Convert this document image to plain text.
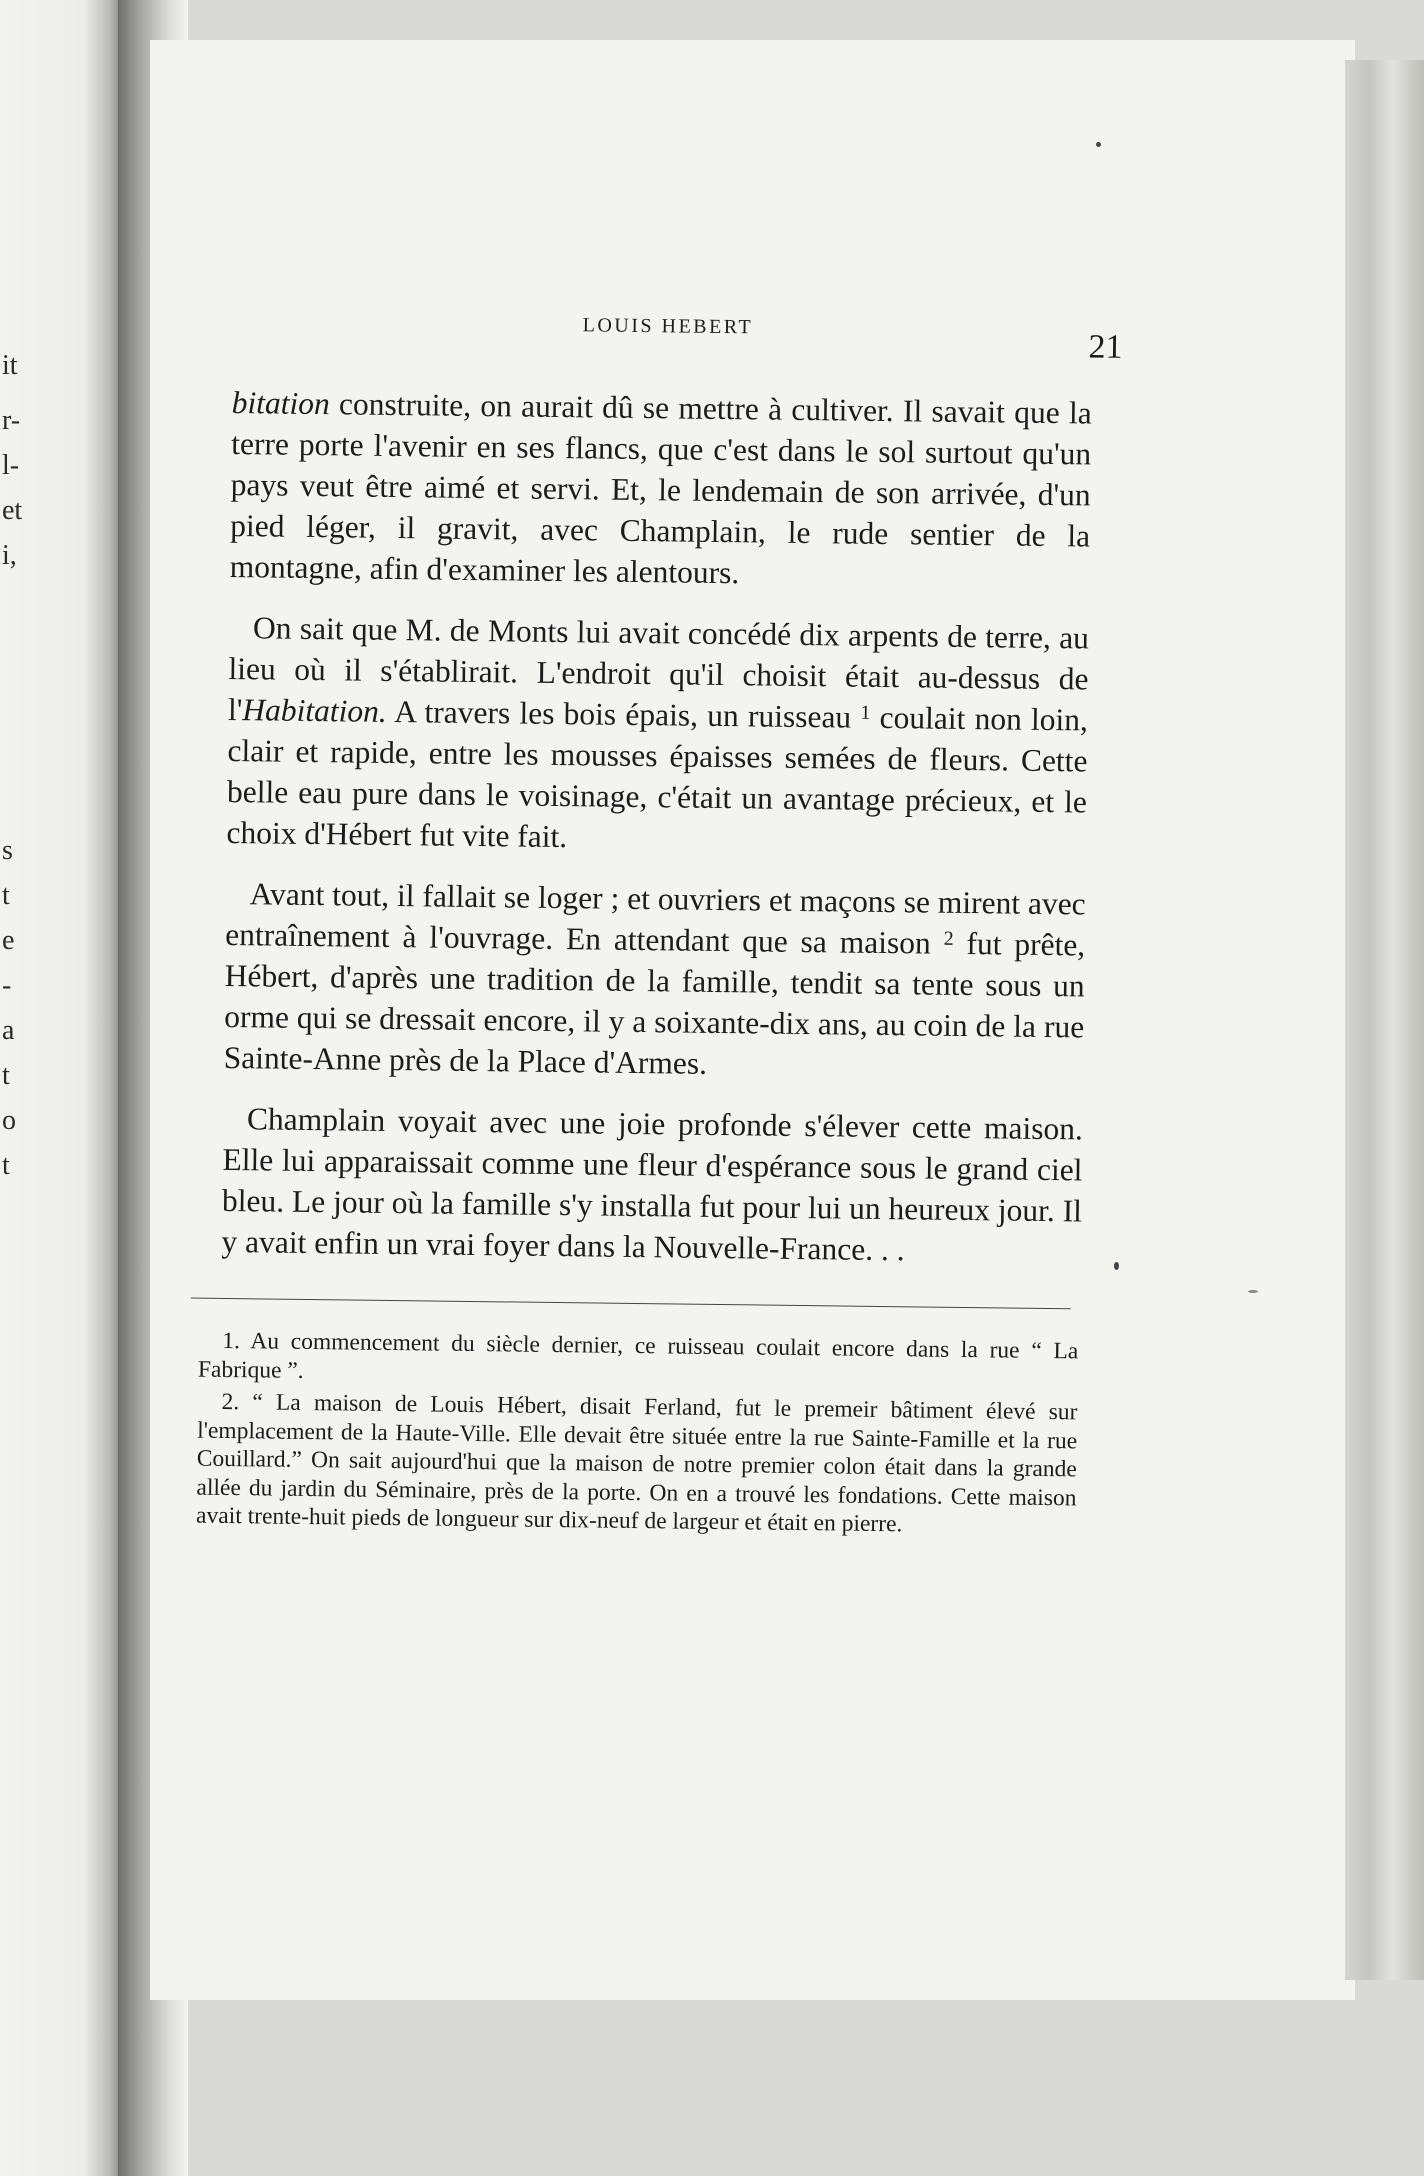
it
r-
l-
et
i,
s
t
e
-
a
t
o
t
LOUIS HEBERT
21

bitation construite, on aurait dû se mettre à cultiver. Il savait que la terre porte l'avenir en ses flancs, que c'est dans le sol surtout qu'un pays veut être aimé et servi. Et, le lendemain de son arrivée, d'un pied léger, il gravit, avec Champlain, le rude sentier de la montagne, afin d'examiner les alentours.

On sait que M. de Monts lui avait concédé dix arpents de terre, au lieu où il s'établirait. L'endroit qu'il choisit était au-dessus de l'Habitation. A travers les bois épais, un ruisseau $^1$ coulait non loin, clair et rapide, entre les mousses épaisses semées de fleurs. Cette belle eau pure dans le voisinage, c'était un avantage précieux, et le choix d'Hébert fut vite fait.

Avant tout, il fallait se loger ; et ouvriers et maçons se mirent avec entraînement à l'ouvrage. En attendant que sa maison $^2$ fut prête, Hébert, d'après une tradition de la famille, tendit sa tente sous un orme qui se dressait encore, il y a soixante-dix ans, au coin de la rue Sainte-Anne près de la Place d'Armes.

Champlain voyait avec une joie profonde s'élever cette maison. Elle lui apparaissait comme une fleur d'espérance sous le grand ciel bleu. Le jour où la famille s'y installa fut pour lui un heureux jour. Il y avait enfin un vrai foyer dans la Nouvelle-France. . .

1. Au commencement du siècle dernier, ce ruisseau coulait encore dans la rue “ La Fabrique ”.

2. “ La maison de Louis Hébert, disait Ferland, fut le premeir bâtiment élevé sur l'emplacement de la Haute-Ville. Elle devait être située entre la rue Sainte-Famille et la rue Couillard.” On sait aujourd'hui que la maison de notre premier colon était dans la grande allée du jardin du Séminaire, près de la porte. On en a trouvé les fondations. Cette maison avait trente-huit pieds de longueur sur dix-neuf de largeur et était en pierre.
